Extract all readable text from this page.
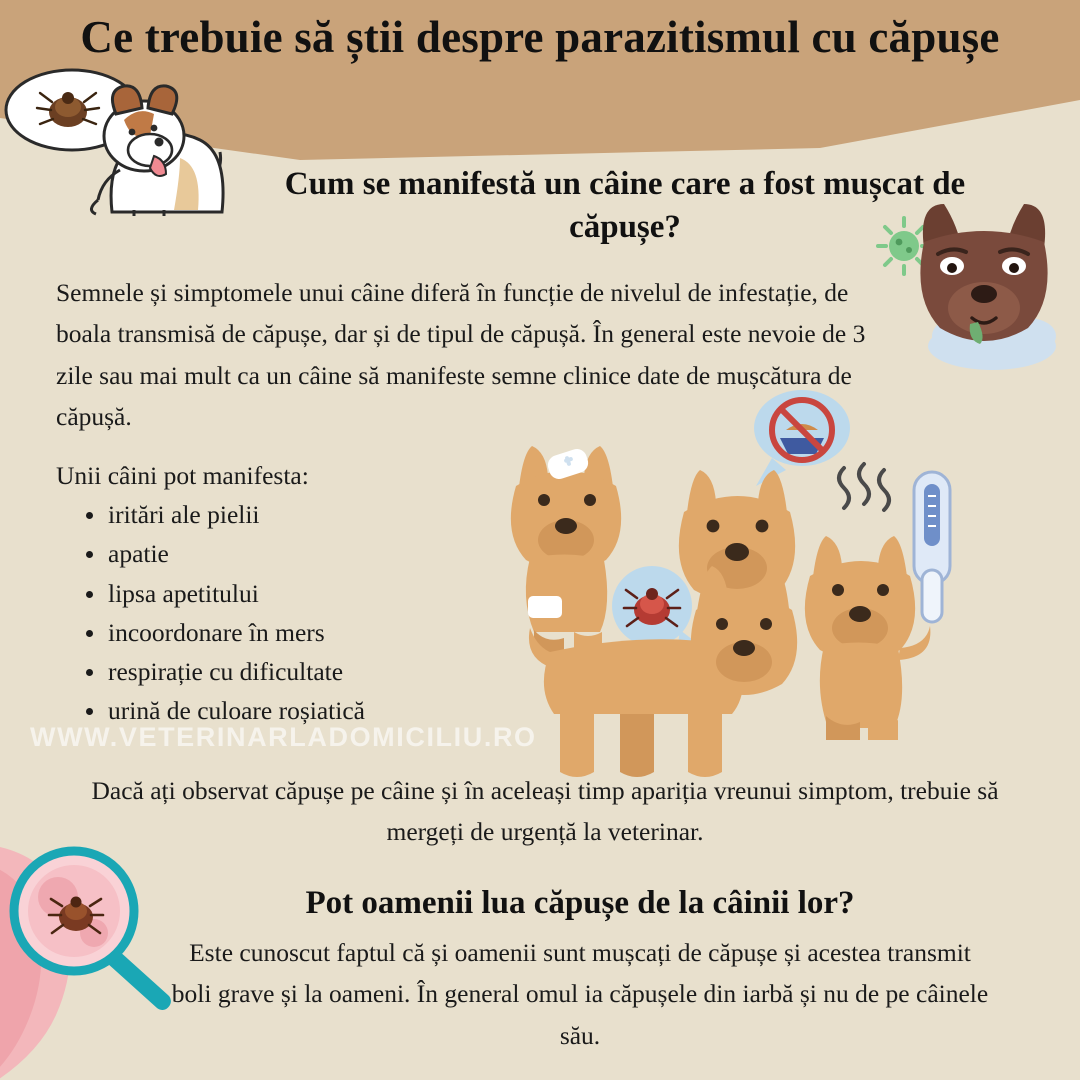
Ce trebuie să știi despre parazitismul cu căpușe
Cum se manifestă un câine care a fost mușcat de căpușe?
Semnele și simptomele unui câine diferă în funcție de nivelul de infestație, de boala transmisă de căpușe, dar și de tipul de căpușă. În general este nevoie de 3 zile sau mai mult ca un câine să manifeste semne clinice date de mușcătura de căpușă.
Unii câini pot manifesta:
iritări ale pielii
apatie
lipsa apetitului
incoordonare în mers
respirație cu dificultate
urină de culoare roșiatică
WWW.VETERINARLADOMICILIU.RO
Dacă ați observat căpușe pe câine și în aceleași timp apariția vreunui simptom, trebuie să mergeți de urgență la veterinar.
Pot oamenii lua căpușe de la câinii lor?
Este cunoscut faptul că și oamenii sunt mușcați de căpușe și acestea transmit boli grave și la oameni. În general omul ia căpușele din iarbă și nu de pe câinele său.
